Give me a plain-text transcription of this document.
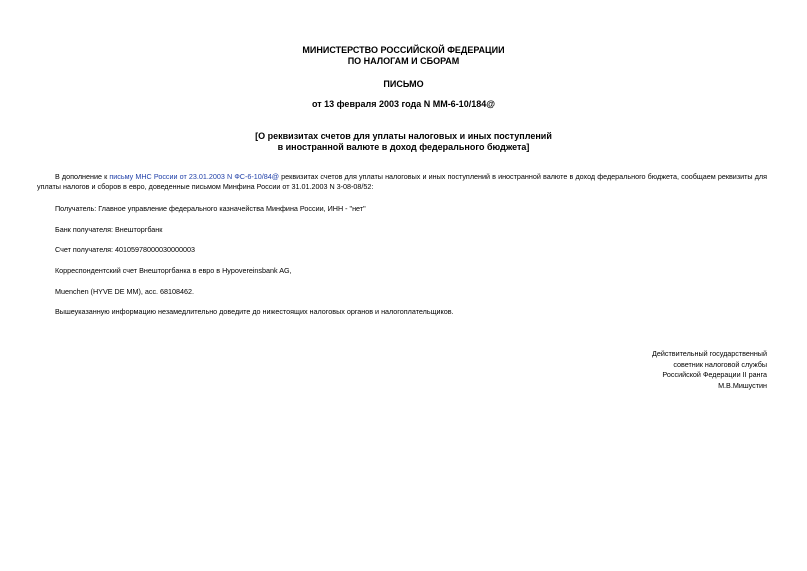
МИНИСТЕРСТВО РОССИЙСКОЙ ФЕДЕРАЦИИ
ПО НАЛОГАМ И СБОРАМ
ПИСЬМО
от 13 февраля 2003 года N ММ-6-10/184@
[О реквизитах счетов для уплаты налоговых и иных поступлений
в иностранной валюте в доход федерального бюджета]
В дополнение к письму МНС России от 23.01.2003 N ФС-6-10/84@ реквизитах счетов для уплаты налоговых и иных поступлений в иностранной валюте в доход федерального бюджета, сообщаем реквизиты для уплаты налогов и сборов в евро, доведенные письмом Минфина России от 31.01.2003 N 3-08-08/52:
Получатель: Главное управление федерального казначейства Минфина России, ИНН - "нет"
Банк получателя: Внешторгбанк
Счет получателя: 40105978000030000003
Корреспондентский счет Внешторгбанка в евро в Hypovereinsbank AG,
Muenchen (HYVE DE MM), acc. 68108462.
Вышеуказанную информацию незамедлительно доведите до нижестоящих налоговых органов и налогоплательщиков.
Действительный государственный
советник налоговой службы
Российской Федерации II ранга
М.В.Мишустин
